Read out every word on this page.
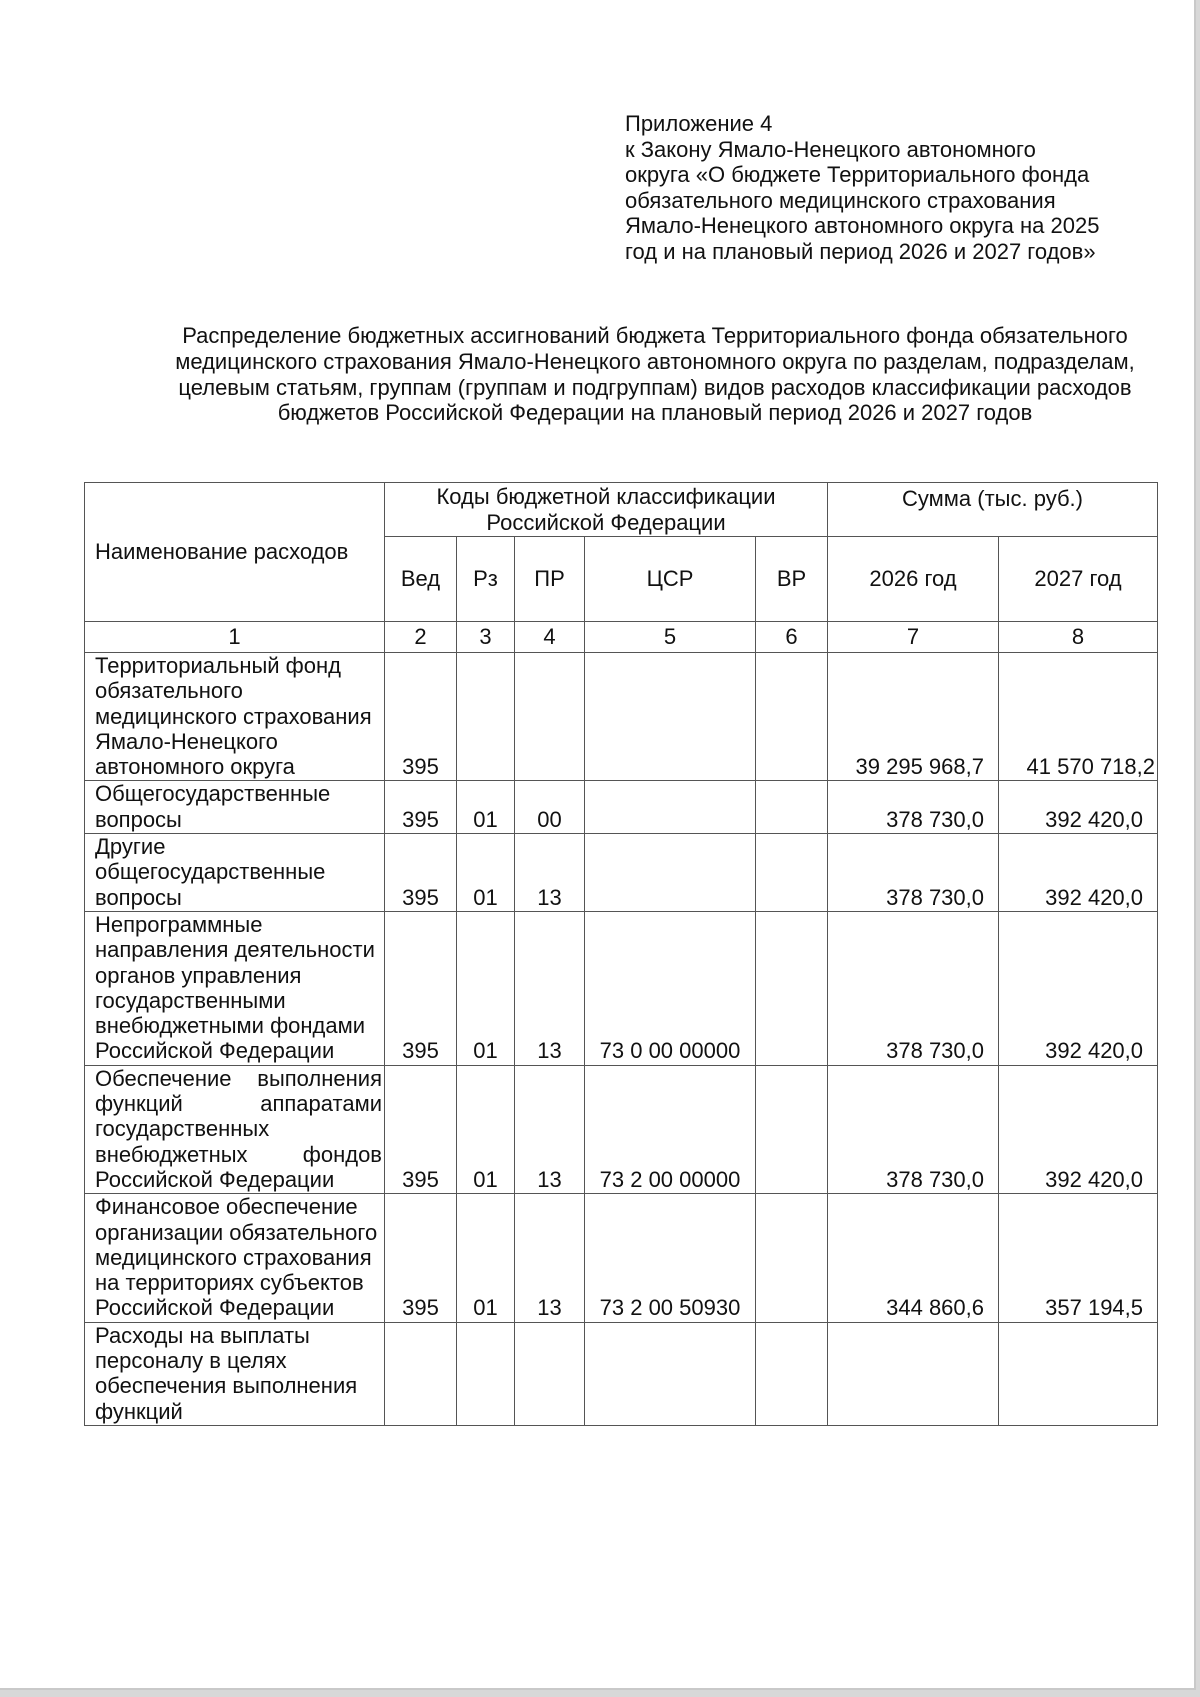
Приложение 4
к Закону Ямало-Ненецкого автономного округа «О бюджете Территориального фонда обязательного медицинского страхования Ямало-Ненецкого автономного округа на 2025 год и на плановый период 2026 и 2027 годов»
Распределение бюджетных ассигнований бюджета Территориального фонда обязательного медицинского страхования Ямало-Ненецкого автономного округа по разделам, подразделам, целевым статьям, группам (группам и подгруппам) видов расходов классификации расходов бюджетов Российской Федерации на плановый период 2026 и 2027 годов
Наименование расходов	Коды бюджетной классификации Российской Федерации					Сумма (тыс. руб.)	
	Вед	Рз	ПР	ЦСР	ВР	2026 год	2027 год
1	2	3	4	5	6	7	8
Территориальный фонд обязательного медицинского страхования Ямало-Ненецкого автономного округа	395					39 295 968,7	41 570 718,2
Общегосударственные вопросы	395	01	00			378 730,0	392 420,0
Другие общегосударственные вопросы	395	01	13			378 730,0	392 420,0
Непрограммные направления деятельности органов управления государственными внебюджетными фондами Российской Федерации	395	01	13	73 0 00 00000		378 730,0	392 420,0
Обеспечение выполнения функций аппаратами государственных внебюджетных фондов Российской Федерации	395	01	13	73 2 00 00000		378 730,0	392 420,0
Финансовое обеспечение организации обязательного медицинского страхования на территориях субъектов Российской Федерации	395	01	13	73 2 00 50930		344 860,6	357 194,5
Расходы на выплаты персоналу в целях обеспечения выполнения функций							
